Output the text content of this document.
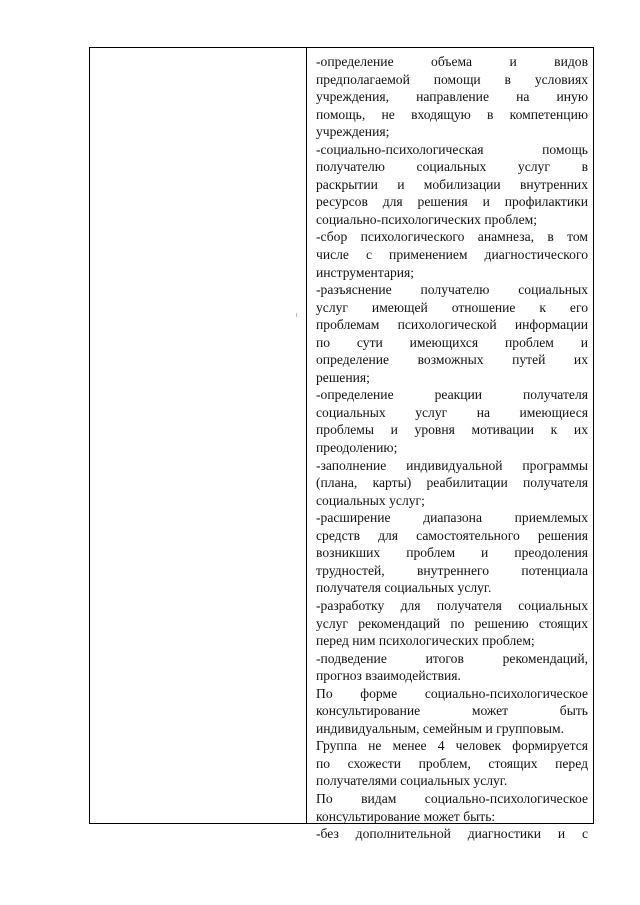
-определение объема и видов
предполагаемой помощи в условиях
учреждения, направление на иную
помощь, не входящую в компетенцию
учреждения;
-социально-психологическая помощь
получателю социальных услуг в
раскрытии и мобилизации внутренних
ресурсов для решения и профилактики
социально-психологических проблем;
-сбор психологического анамнеза, в том
числе с применением диагностического
инструментария;
-разъяснение получателю социальных
услуг имеющей отношение к его
проблемам психологической информации
по сути имеющихся проблем и
определение возможных путей их
решения;
-определение реакции получателя
социальных услуг на имеющиеся
проблемы и уровня мотивации к их
преодолению;
-заполнение индивидуальной программы
(плана, карты) реабилитации получателя
социальных услуг;
-расширение диапазона приемлемых
средств для самостоятельного решения
возникших проблем и преодоления
трудностей, внутреннего потенциала
получателя социальных услуг.
-разработку для получателя социальных
услуг рекомендаций по решению стоящих
перед ним психологических проблем;
-подведение итогов рекомендаций,
прогноз взаимодействия.
По форме социально-психологическое
консультирование может быть
индивидуальным, семейным и групповым.
Группа не менее 4 человек формируется
по схожести проблем, стоящих перед
получателями социальных услуг.
По видам социально-психологическое
консультирование может быть:
-без дополнительной диагностики и с
